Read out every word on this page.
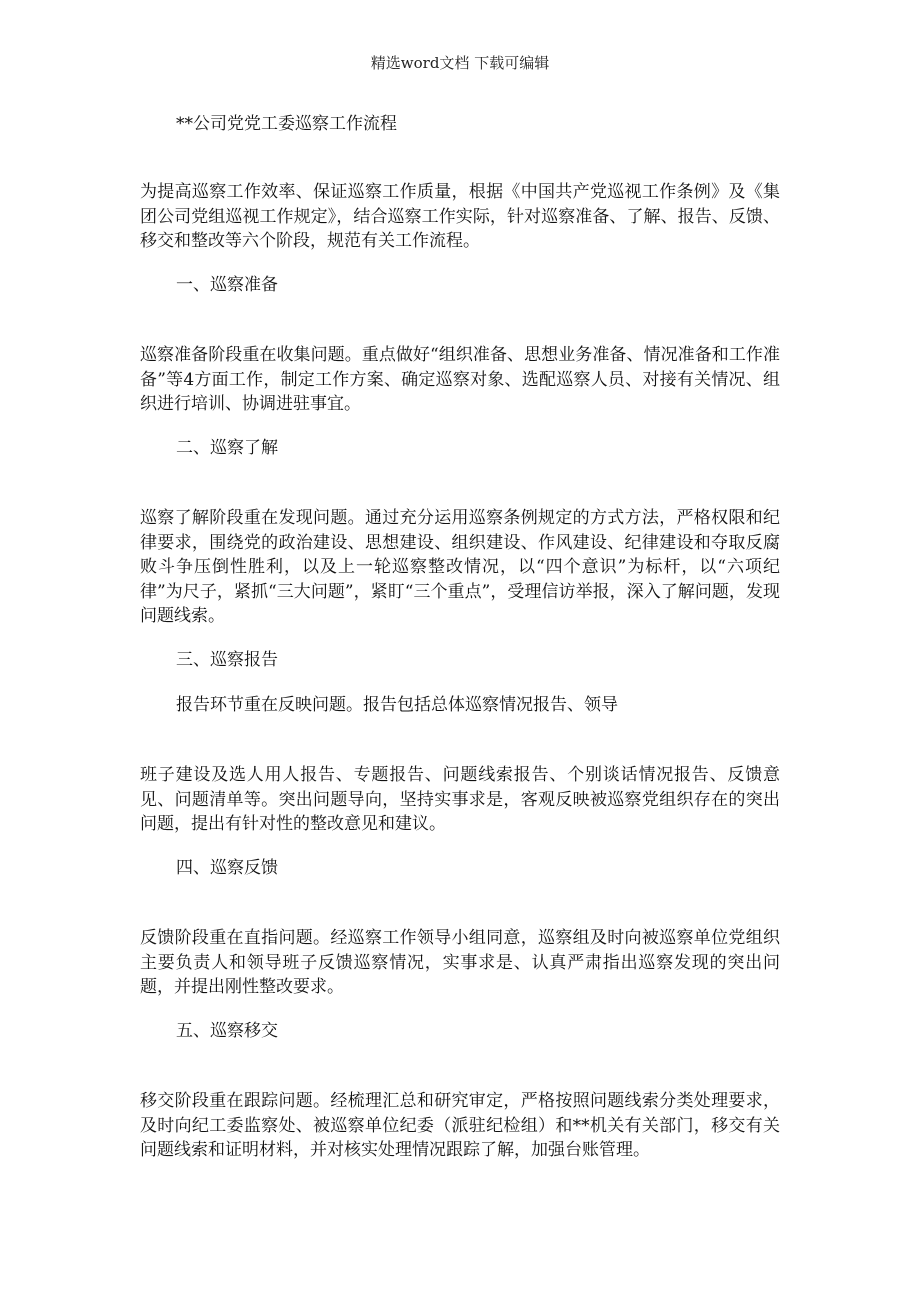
精选word文档 下载可编辑
**公司党党工委巡察工作流程
为提高巡察工作效率、保证巡察工作质量，根据《中国共产党巡视工作条例》及《集团公司党组巡视工作规定》，结合巡察工作实际，针对巡察准备、了解、报告、反馈、移交和整改等六个阶段，规范有关工作流程。
一、巡察准备
巡察准备阶段重在收集问题。重点做好“组织准备、思想业务准备、情况准备和工作准备”等4方面工作，制定工作方案、确定巡察对象、选配巡察人员、对接有关情况、组织进行培训、协调进驻事宜。
二、巡察了解
巡察了解阶段重在发现问题。通过充分运用巡察条例规定的方式方法，严格权限和纪律要求，围绕党的政治建设、思想建设、组织建设、作风建设、纪律建设和夺取反腐败斗争压倒性胜利，以及上一轮巡察整改情况，以“四个意识”为标杆，以“六项纪律”为尺子，紧抓“三大问题”，紧盯“三个重点”，受理信访举报，深入了解问题，发现问题线索。
三、巡察报告
报告环节重在反映问题。报告包括总体巡察情况报告、领导
班子建设及选人用人报告、专题报告、问题线索报告、个别谈话情况报告、反馈意见、问题清单等。突出问题导向，坚持实事求是，客观反映被巡察党组织存在的突出问题，提出有针对性的整改意见和建议。
四、巡察反馈
反馈阶段重在直指问题。经巡察工作领导小组同意，巡察组及时向被巡察单位党组织主要负责人和领导班子反馈巡察情况，实事求是、认真严肃指出巡察发现的突出问题，并提出刚性整改要求。
五、巡察移交
移交阶段重在跟踪问题。经梳理汇总和研究审定，严格按照问题线索分类处理要求，及时向纪工委监察处、被巡察单位纪委（派驻纪检组）和**机关有关部门，移交有关问题线索和证明材料，并对核实处理情况跟踪了解，加强台账管理。
